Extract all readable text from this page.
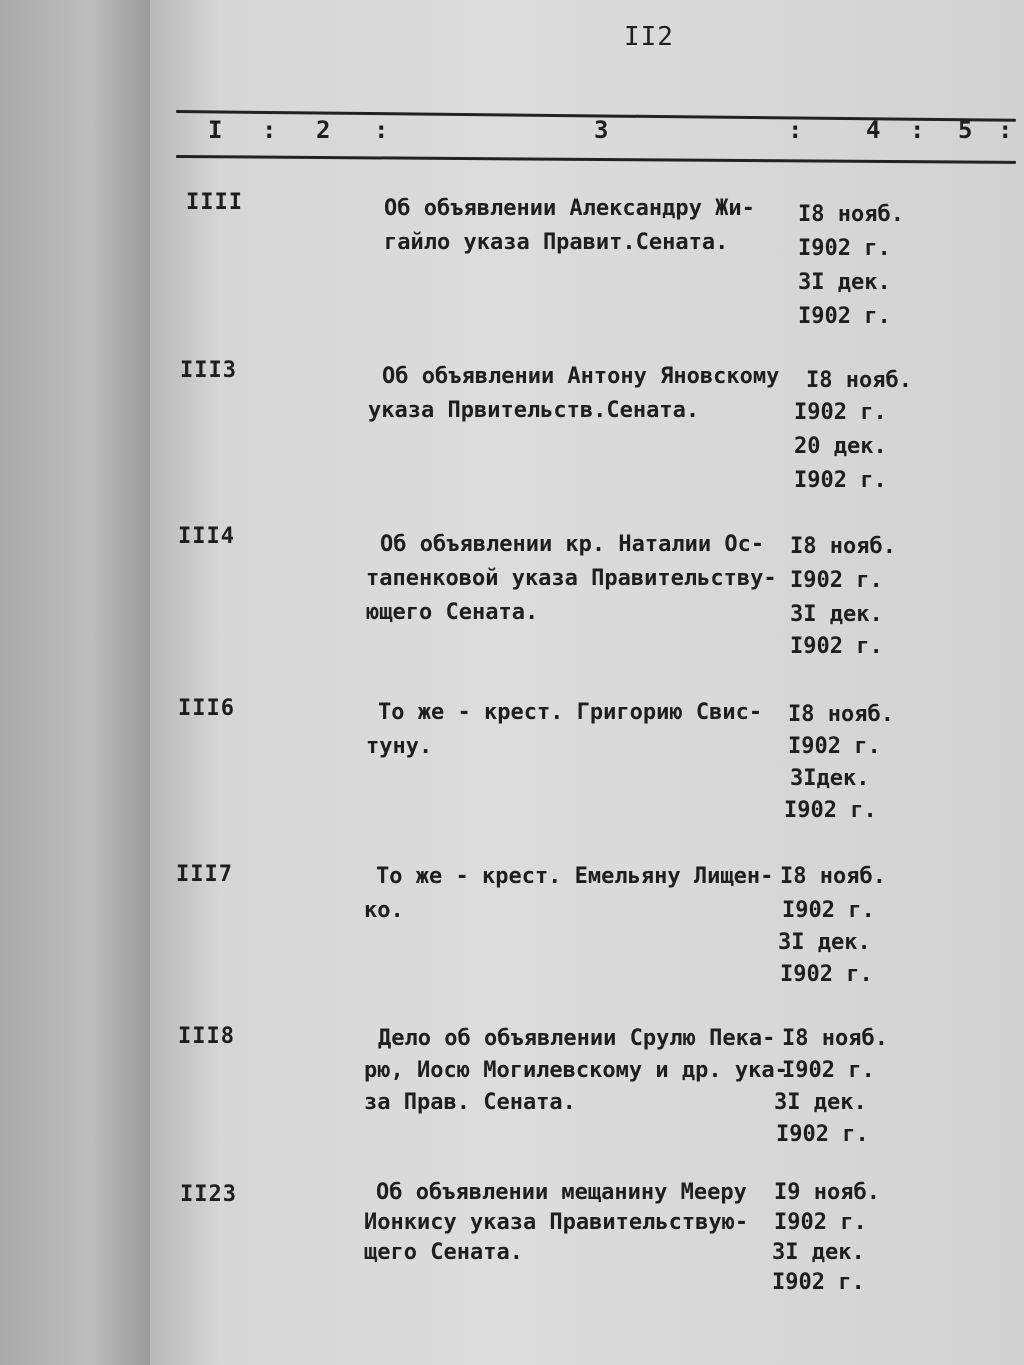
II2
I : 2 :	3	:	4 : 5 :
IIII	Об объявлении Александру Жи-
гайло указа Правит.Сената.
I8 нояб.
I902 г.
3I дек.
I902 г.
III3	Об объявлении Антону Яновскому
указа Првительств.Сената.
I8 нояб.
I902 г.
20 дек.
I902 г.
III4	Об объявлении кр. Наталии Ос-
тапенковой указа Правительству-
ющего Сената.
I8 нояб.
I902 г.
3I дек.
I902 г.
III6	То же - крест. Григорию Свис-
туну.
I8 нояб.
I902 г.
3Iдек.
I902 г.
III7	То же - крест. Емельяну Лищен-
ко.
I8 нояб.
I902 г.
3I дек.
I902 г.
III8	Дело об объявлении Срулю Пека-
рю, Иосю Могилевскому и др. ука-
за Прав. Сената.
I8 нояб.
I902 г.
3I дек.
I902 г.
II23	Об объявлении мещанину Мееру
Ионкису указа Правительствую-
щего Сената.
I9 нояб.
I902 г.
3I дек.
I902 г.
